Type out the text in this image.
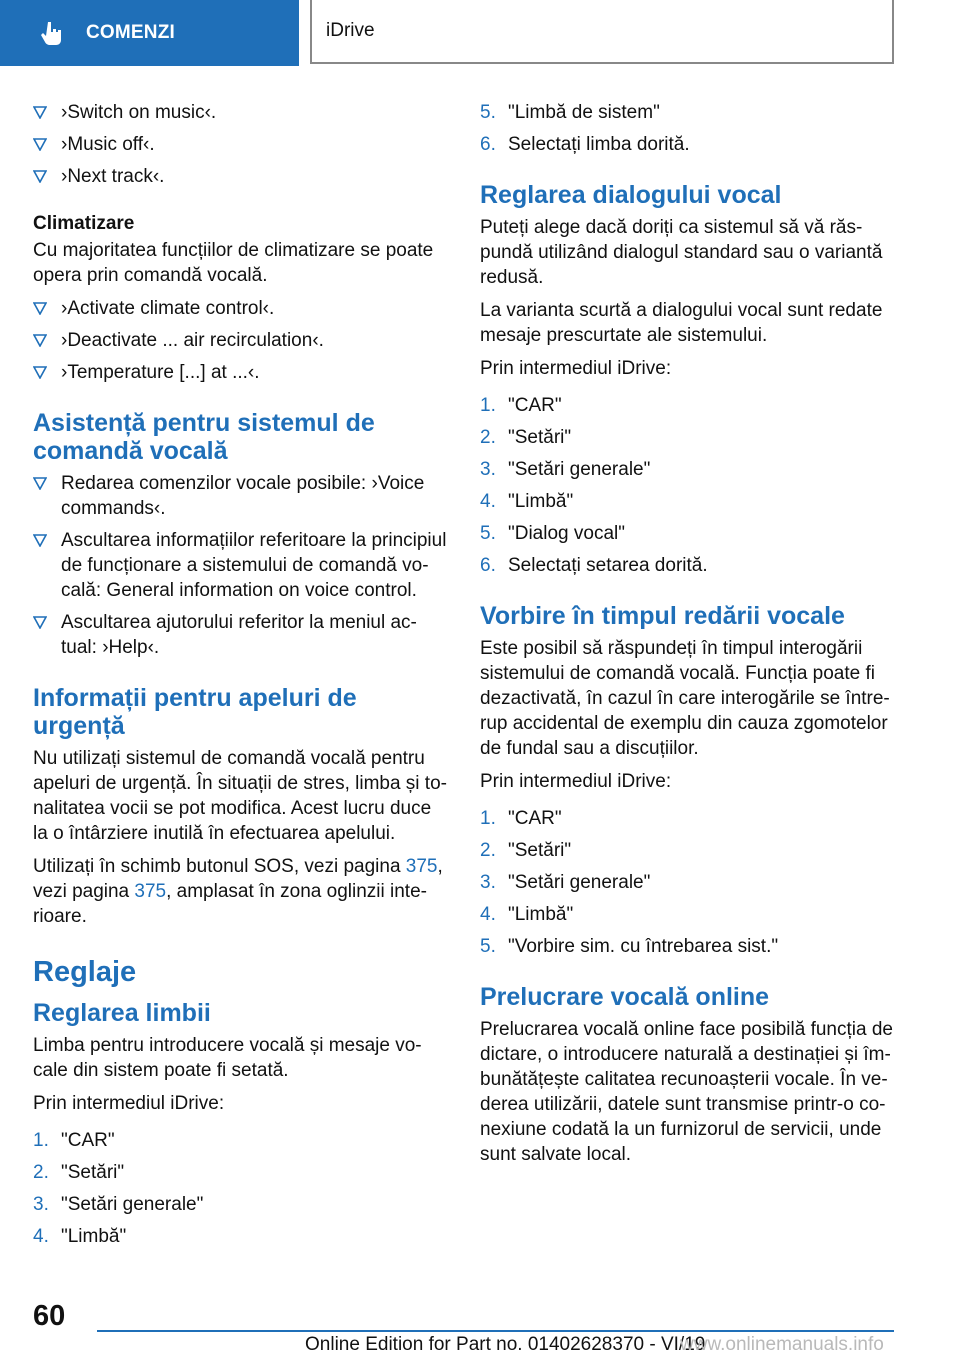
COMENZI	iDrive
›Switch on music‹.
›Music off‹.
›Next track‹.
Climatizare

Cu majoritatea funcțiilor de climatizare se poate opera prin comandă vocală.

›Activate climate control‹.
›Deactivate ... air recirculation‹.
›Temperature [...] at ...‹.
Asistență pentru sistemul de comandă vocală
Redarea comenzilor vocale posibile: ›Voice commands‹.
Ascultarea informațiilor referitoare la principiul de funcționare a sistemului de comandă vo- cală: General information on voice control.
Ascultarea ajutorului referitor la meniul ac- tual: ›Help‹.
Informații pentru apeluri de urgență

Nu utilizați sistemul de comandă vocală pentru apeluri de urgență. În situații de stres, limba și to- nalitatea vocii se pot modifica. Acest lucru duce la o întârziere inutilă în efectuarea apelului.

Utilizați în schimb butonul SOS, vezi pagina 375, vezi pagina 375, amplasat în zona oglinzii inte- rioare.

Reglaje
Reglarea limbii

Limba pentru introducere vocală și mesaje vo- cale din sistem poate fi setată.

Prin intermediul iDrive:

1. "CAR"
2. "Setări"
3. "Setări generale"
4. "Limbă"
5. "Limbă de sistem"
6. Selectați limba dorită.
Reglarea dialogului vocal

Puteți alege dacă doriți ca sistemul să vă răs- pundă utilizând dialogul standard sau o variantă redusă.

La varianta scurtă a dialogului vocal sunt redate mesaje prescurtate ale sistemului.

Prin intermediul iDrive:

1. "CAR"
2. "Setări"
3. "Setări generale"
4. "Limbă"
5. "Dialog vocal"
6. Selectați setarea dorită.
Vorbire în timpul redării vocale

Este posibil să răspundeți în timpul interogării sistemului de comandă vocală. Funcția poate fi dezactivată, în cazul în care interogările se între- rup accidental de exemplu din cauza zgomotelor de fundal sau a discuțiilor.

Prin intermediul iDrive:

1. "CAR"
2. "Setări"
3. "Setări generale"
4. "Limbă"
5. "Vorbire sim. cu întrebarea sist."
Prelucrare vocală online

Prelucrarea vocală online face posibilă funcția de dictare, o introducere naturală a destinației și îm- bunătățește calitatea recunoașterii vocale. În ve- derea utilizării, datele sunt transmise printr-o co- nexiune codată la un furnizorul de servicii, unde sunt salvate local.

60
Online Edition for Part no. 01402628370 - VI/19
www.onlinemanuals.info
